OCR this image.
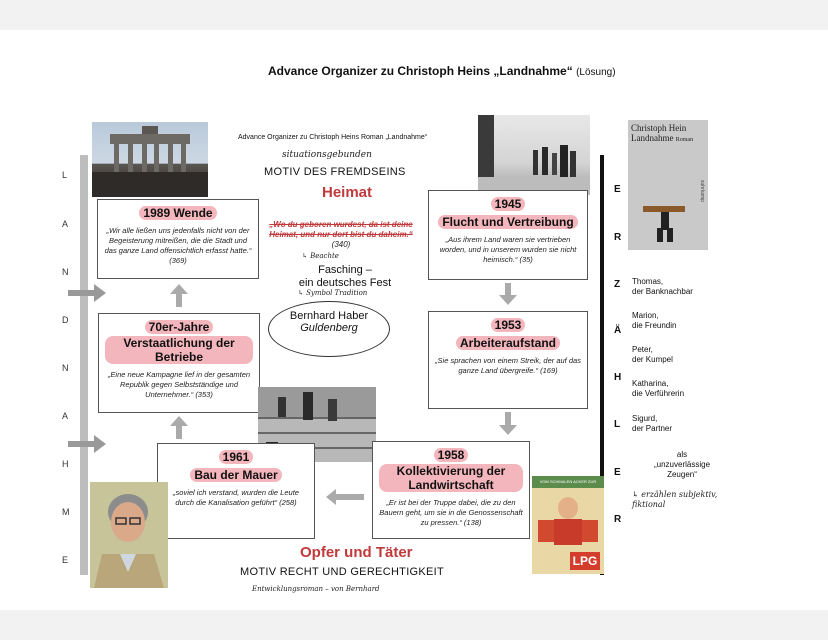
Advance Organizer zu Christoph Heins „Landnahme“ (Lösung)
Christoph Hein
Landnahme Roman
suhrkamp
Advance Organizer zu Christoph Heins Roman „Landnahme“
situationsgebunden
MOTIV DES FREMDSEINS
Heimat
„Wo du geboren wurdest, da ist deine Heimat, und nur dort bist du daheim.“ (340)
↳ Beachte
Fasching –
ein deutsches Fest
↳ Symbol Tradition
Bernhard Haber
Guldenberg
L
A
N
D
N
A
H
M
E
E
R
Z
Ä
H
L
E
R
Thomas,
der Banknachbar
Marion,
die Freundin
Peter,
der Kumpel
Katharina,
die Verführerin
Sigurd,
der Partner
als
„unzuverlässige
Zeugen“
↳ erzählen subjektiv,
fiktional
1989 Wende
„Wir alle ließen uns jedenfalls nicht von der Begeisterung mitreißen, die die Stadt und das ganze Land offensichtlich erfasst hatte.“ (369)
1945
Flucht und Vertreibung
„Aus ihrem Land waren sie vertrieben worden, und in unserem wurden sie nicht heimisch.“ (35)
70er-Jahre
Verstaatlichung der Betriebe
„Eine neue Kampagne lief in der gesamten Republik gegen Selbstständige und Unternehmer.“ (353)
1953
Arbeiteraufstand
„Sie sprachen von einem Streik, der auf das ganze Land übergreife.“ (169)
1961
Bau der Mauer
„soviel ich verstand, wurden die Leute durch die Kanalisation geführt“ (258)
1958
Kollektivierung der Landwirtschaft
„Er ist bei der Truppe dabei, die zu den Bauern geht, um sie in die Genossenschaft zu pressen.“ (138)
VOM SCHMALEN ACKER ZUR
LPG
Opfer und Täter
MOTIV RECHT UND GERECHTIGKEIT
Entwicklungsroman – von Bernhard
